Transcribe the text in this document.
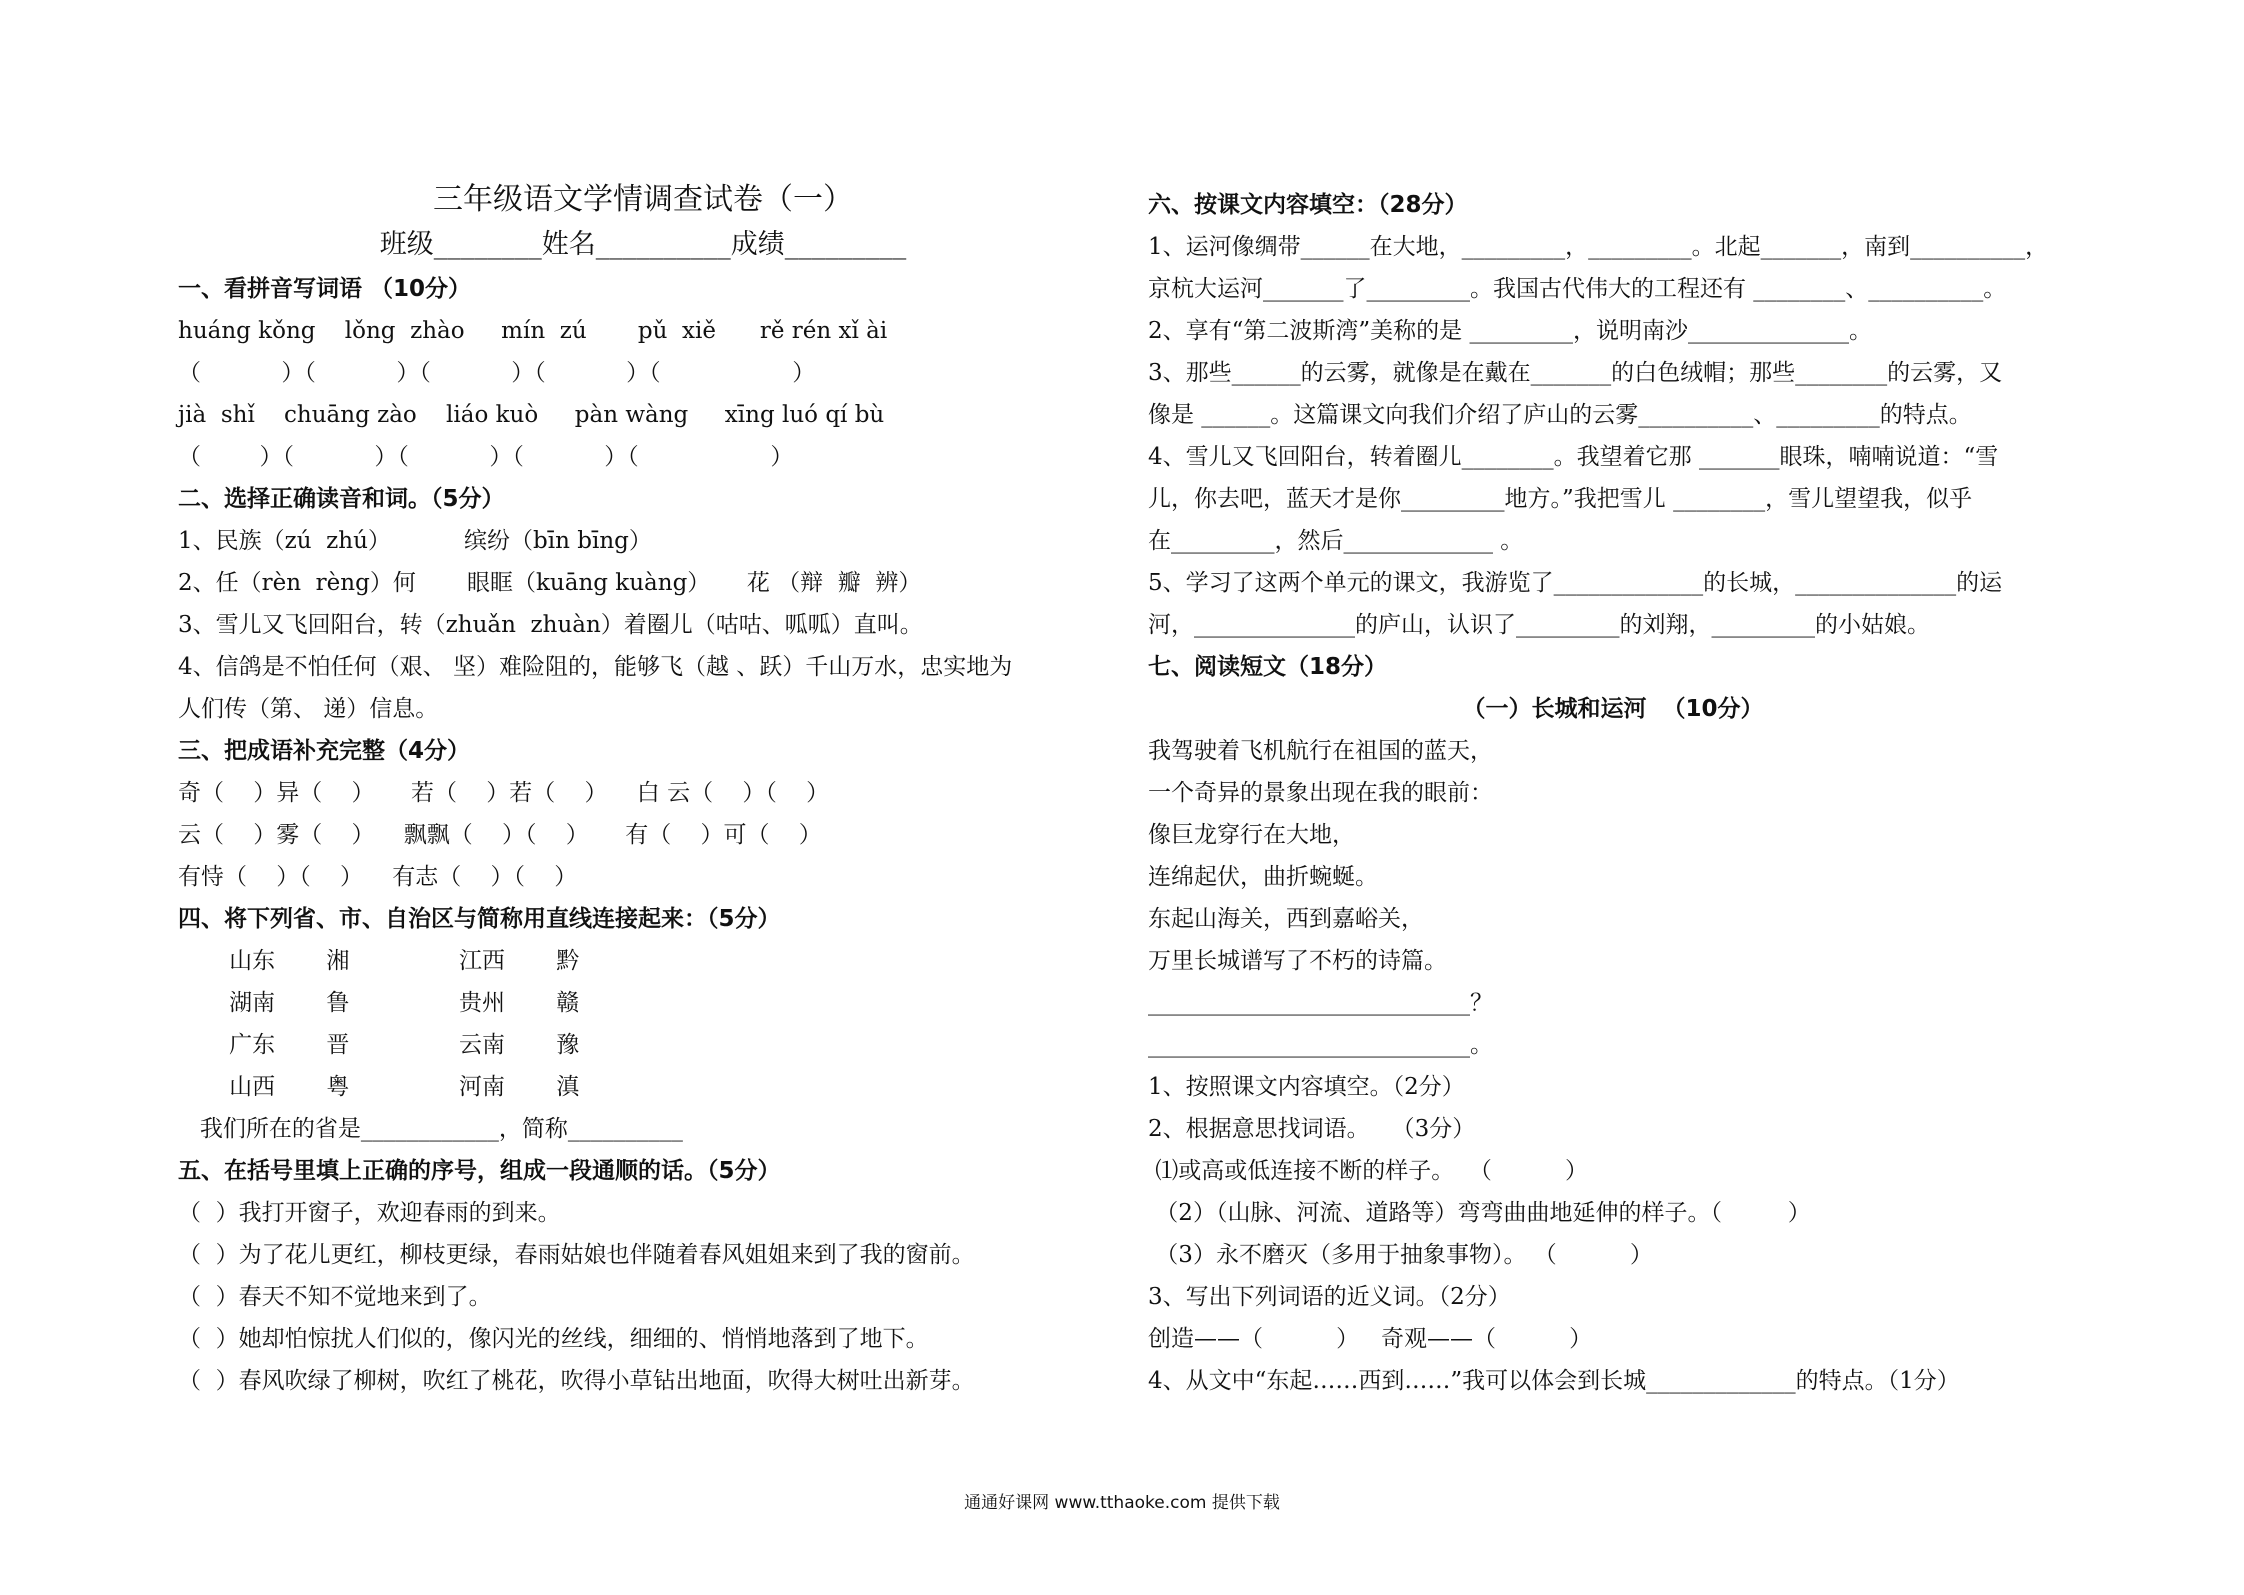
三年级语文学情调查试卷（一）
班级________姓名__________成绩_________
一、看拼音写词语 （10分）
huáng kǒng    lǒng  zhào     mín  zú       pǔ  xiě      rě rén xǐ ài
（           ）（           ）（           ）（           ）（                  ）
jià  shǐ    chuāng zào    liáo kuò     pàn wàng     xīng luó qí bù
（        ）（           ）（           ）（           ）（                  ）
二、选择正确读音和词。（5分）
1、民族（zú  zhú）          缤纷（bīn bīng）
2、任（rèn  rèng）何       眼眶（kuāng kuàng）     花 （辩  瓣  辨）
3、雪儿又飞回阳台，转（zhuǎn  zhuàn）着圈儿（咕咕、呱呱）直叫。
4、信鸽是不怕任何（艰、 坚）难险阻的，能够飞（越 、跃）千山万水，忠实地为
人们传（第、 递）信息。
三、把成语补充完整（4分）
奇（    ）异（    ）     若（    ）若（    ）    白 云（    ）（    ）
云（    ）雾（    ）    飘飘（    ）（    ）     有（    ）可（    ）
有恃（    ）（    ）    有志（    ）（    ）
四、将下列省、市、自治区与简称用直线连接起来：（5分）
山东       湘               江西       黔
湖南       鲁               贵州       赣
广东       晋               云南       豫
山西       粤               河南       滇
我们所在的省是____________，简称__________
五、在括号里填上正确的序号，组成一段通顺的话。（5分）
（  ）我打开窗子，欢迎春雨的到来。
（  ）为了花儿更红，柳枝更绿，春雨姑娘也伴随着春风姐姐来到了我的窗前。
（  ）春天不知不觉地来到了。
（  ）她却怕惊扰人们似的，像闪光的丝线，细细的、悄悄地落到了地下。
（  ）春风吹绿了柳树，吹红了桃花，吹得小草钻出地面，吹得大树吐出新芽。
六、按课文内容填空：（28分）
1、运河像绸带______在大地，_________，_________。北起_______，南到__________，
京杭大运河_______了_________。我国古代伟大的工程还有 ________、__________。
2、享有“第二波斯湾”美称的是 _________，说明南沙______________。
3、那些______的云雾，就像是在戴在_______的白色绒帽；那些________的云雾，又
像是 ______。这篇课文向我们介绍了庐山的云雾__________、_________的特点。
4、雪儿又飞回阳台，转着圈儿________。我望着它那 _______眼珠，喃喃说道：“雪
儿，你去吧，蓝天才是你_________地方。”我把雪儿 ________，雪儿望望我，似乎
在_________，然后_____________ 。
5、学习了这两个单元的课文，我游览了_____________的长城，______________的运
河，______________的庐山，认识了_________的刘翔，_________的小姑娘。
七、阅读短文（18分）
（一）长城和运河  （10分）
我驾驶着飞机航行在祖国的蓝天，
一个奇异的景象出现在我的眼前：
像巨龙穿行在大地，
连绵起伏，曲折蜿蜒。
东起山海关，西到嘉峪关，
万里长城谱写了不朽的诗篇。
____________________________？
____________________________。
1、按照课文内容填空。（2分）
2、根据意思找词语。   （3分）
⑴或高或低连接不断的样子。  （          ）
（2）（山脉、河流、道路等）弯弯曲曲地延伸的样子。（         ）
（3）永不磨灭（多用于抽象事物）。 （          ）
3、写出下列词语的近义词。（2分）
创造——（          ）   奇观——（          ）
4、从文中“东起……西到……”我可以体会到长城_____________的特点。（1分）
通通好课网 www.tthaoke.com 提供下载
